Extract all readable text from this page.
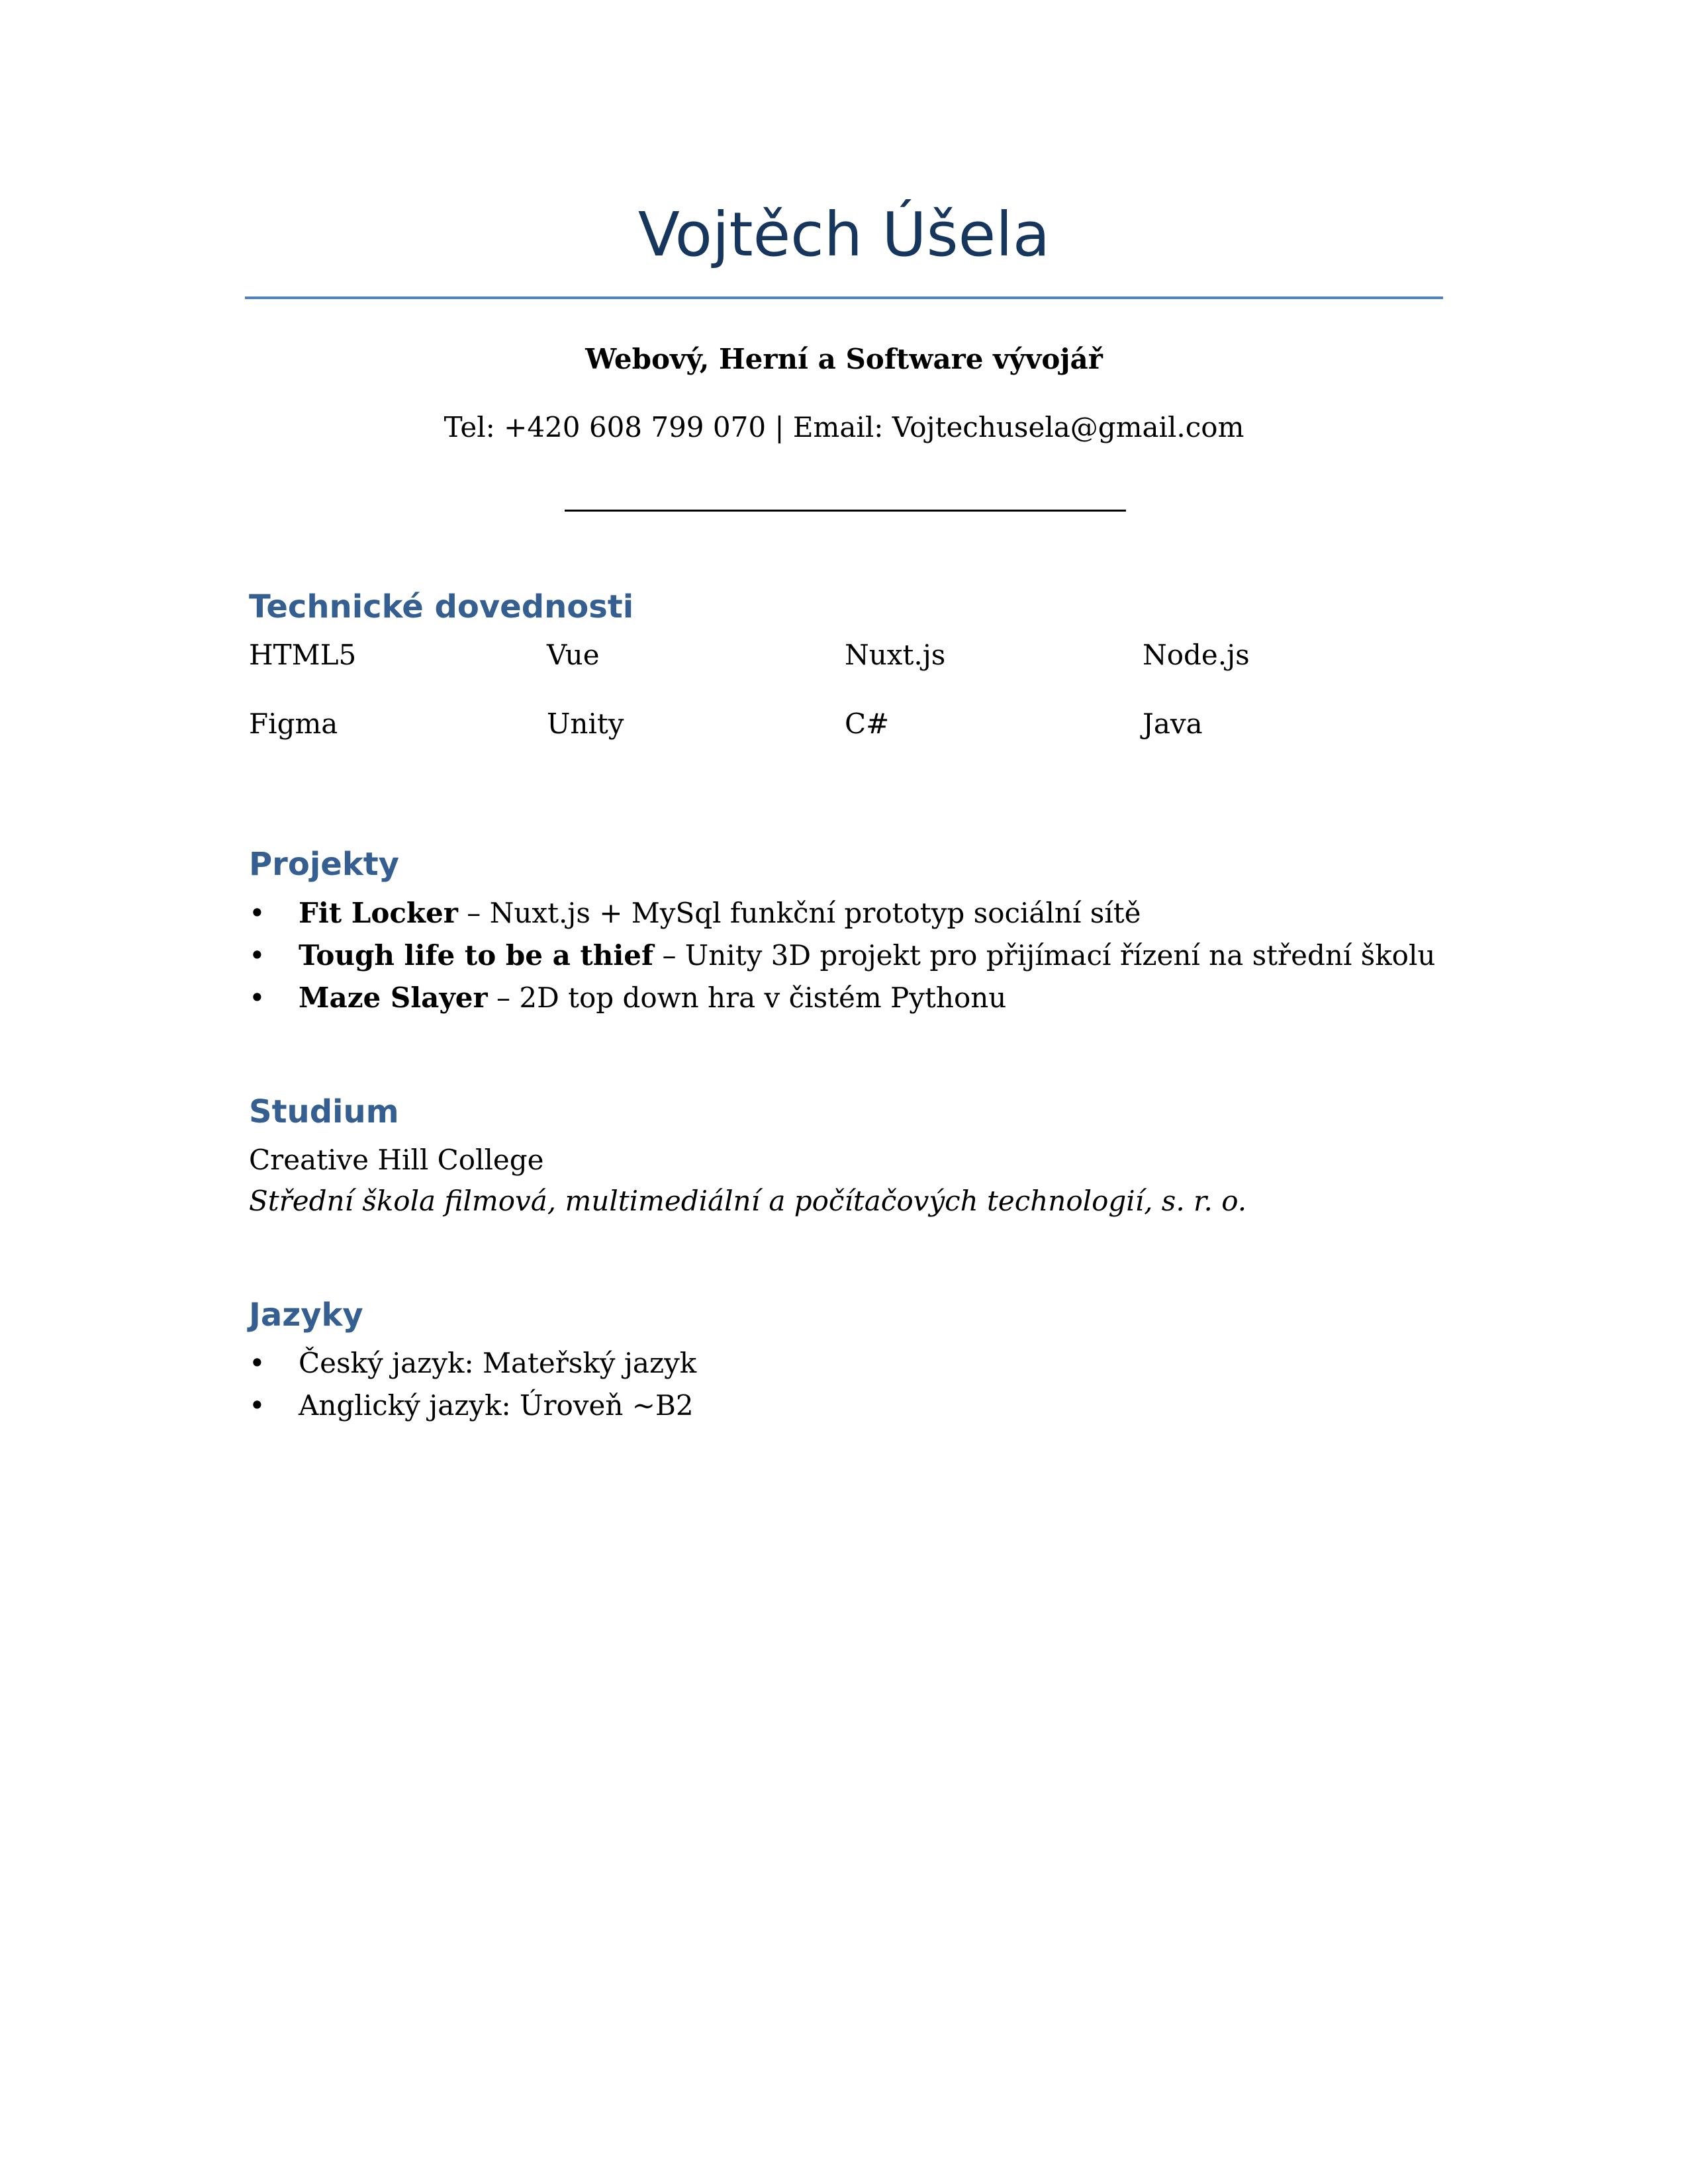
Vojtěch Úšela
Webový, Herní a Software vývojář
Tel: +420 608 799 070 | Email: Vojtechusela@gmail.com
Technické dovednosti
HTML5	Vue	Nuxt.js	Node.js
Figma	Unity	C#	Java
Projekty
•	Fit Locker – Nuxt.js + MySql funkční prototyp sociální sítě
•	Tough life to be a thief – Unity 3D projekt pro přijímací řízení na střední školu
•	Maze Slayer – 2D top down hra v čistém Pythonu
Studium
Creative Hill College
Střední škola filmová, multimediální a počítačových technologií, s. r. o.
Jazyky
•	Český jazyk: Mateřský jazyk
•	Anglický jazyk: Úroveň ~B2
